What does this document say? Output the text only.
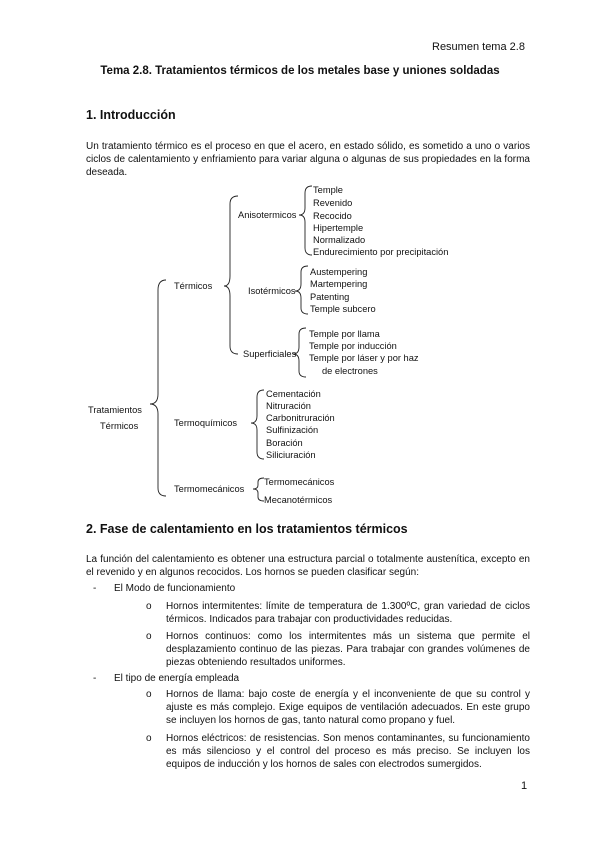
Resumen tema 2.8
Tema 2.8. Tratamientos térmicos de los metales base y uniones soldadas
1. Introducción
Un tratamiento térmico es el proceso en que el acero, en estado sólido, es sometido a uno o varios ciclos de calentamiento y enfriamiento para variar alguna o algunas de sus propiedades en la forma deseada.
Tratamientos
Térmicos
Térmicos
Anisotermicos
Isotérmicos
Superficiales
Termoquímicos
Termomecánicos
Temple
Revenido
Recocido
Hipertemple
Normalizado
Endurecimiento por precipitación
Austempering
Martempering
Patenting
Temple subcero
Temple por llama
Temple por inducción
Temple por láser y por haz
de electrones
Cementación
Nitruración
Carbonitruración
Sulfinización
Boración
Siliciuración
Termomecánicos
Mecanotérmicos
2. Fase de calentamiento en los tratamientos térmicos
La función del calentamiento es obtener una estructura parcial o totalmente austenítica, excepto en el revenido y en algunos recocidos. Los hornos se pueden clasificar según:
- El Modo de funcionamiento
o Hornos intermitentes: límite de temperatura de 1.300ºC, gran variedad de ciclos térmicos. Indicados para trabajar con productividades reducidas.
o Hornos continuos: como los intermitentes más un sistema que permite el desplazamiento continuo de las piezas. Para trabajar con grandes volúmenes de piezas obteniendo resultados uniformes.
- El tipo de energía empleada
o Hornos de llama: bajo coste de energía y el inconveniente de que su control y ajuste es más complejo. Exige equipos de ventilación adecuados. En este grupo se incluyen los hornos de gas, tanto natural como propano y fuel.
o Hornos eléctricos: de resistencias. Son menos contaminantes, su funcionamiento es más silencioso y el control del proceso es más preciso. Se incluyen los equipos de inducción y los hornos de sales con electrodos sumergidos.
1
